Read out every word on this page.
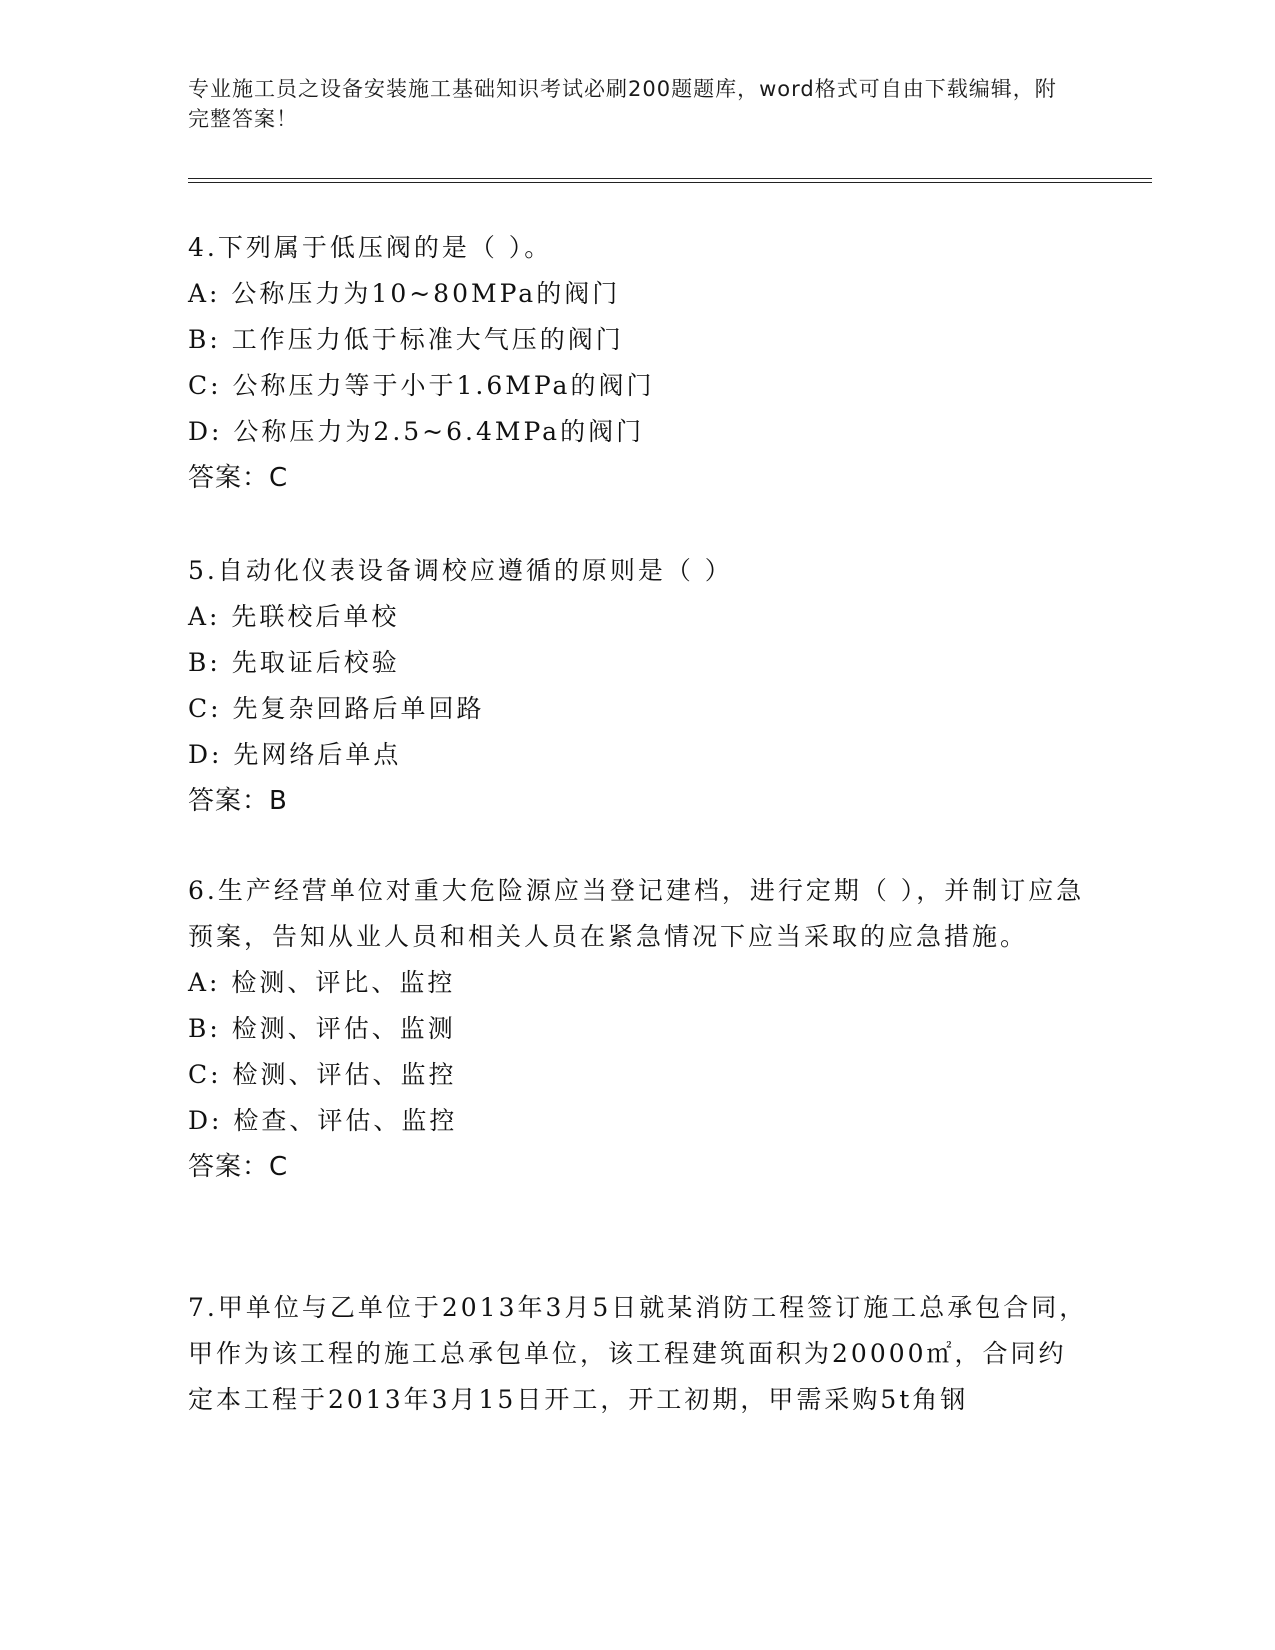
专业施工员之设备安装施工基础知识考试必刷200题题库，word格式可自由下载编辑，附完整答案！
4.下列属于低压阀的是（ ）。
A: 公称压力为10~80MPa的阀门
B: 工作压力低于标准大气压的阀门
C: 公称压力等于小于1.6MPa的阀门
D: 公称压力为2.5~6.4MPa的阀门
答案：C
5.自动化仪表设备调校应遵循的原则是（ ）
A: 先联校后单校
B: 先取证后校验
C: 先复杂回路后单回路
D: 先网络后单点
答案：B
6.生产经营单位对重大危险源应当登记建档，进行定期（ ），并制订应急预案，告知从业人员和相关人员在紧急情况下应当采取的应急措施。
A: 检测、评比、监控
B: 检测、评估、监测
C: 检测、评估、监控
D: 检查、评估、监控
答案：C
7.甲单位与乙单位于2013年3月5日就某消防工程签订施工总承包合同，甲作为该工程的施工总承包单位，该工程建筑面积为20000㎡，合同约定本工程于2013年3月15日开工，开工初期，甲需采购5t角钢
